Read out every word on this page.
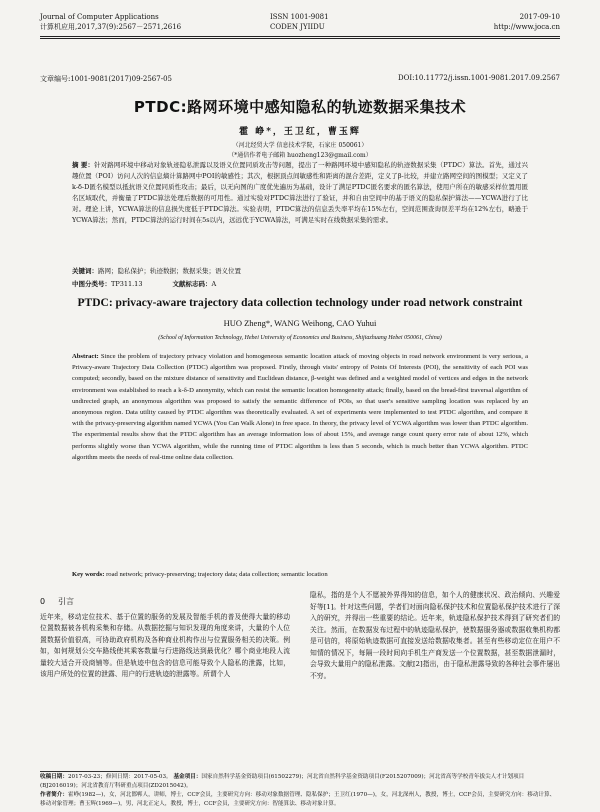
Journal of Computer Applications
计算机应用,2017,37(9):2567－2571,2616
ISSN 1001-9081
CODEN JYIIDU
2017-09-10
http://www.joca.cn
文章编号:1001-9081(2017)09-2567-05	DOI:10.11772/j.issn.1001-9081.2017.09.2567
PTDC:路网环境中感知隐私的轨迹数据采集技术
霍 峥*，王卫红，曹玉辉
（河北经贸大学 信息技术学院，石家庄 050061）
（*通信作者电子邮箱 huozheng123@gmail.com）
摘 要：针对路网环境中移动对象轨迹隐私泄露以及语义位置同质攻击等问题，提出了一种路网环境中感知隐私的轨迹数据采集（PTDC）算法。首先，通过兴趣位置（POI）访问人次的信息熵计算路网中POI的敏感性；其次，根据顶点间敏感性和距离的混合差距，定义了β-比较，并建立路网空间的图模型；又定义了k-δ-D匿名模型以抵抗语义位置同质性攻击；最后，以无向图的广度优先遍历为基础，设计了满足PTDC匿名要求的匿名算法，使用户所在的敏感采样位置用匿名区域取代，并衡量了PTDC算法处理后数据的可用性。通过实验对PTDC算法进行了验证，并和自由空间中的基于语义的隐私保护算法——YCWA进行了比对。理论上讲，YCWA算法的信息损失度低于PTDC算法。实验表明，PTDC算法的信息丢失率平均在15%左右，空间范围查询误差平均在12%左右，略逊于YCWA算法；然而，PTDC算法的运行时间在5s以内，远远优于YCWA算法，可满足实时在线数据采集的需求。
关键词：路网；隐私保护；轨迹数据；数据采集；语义位置
中图分类号：TP311.13	文献标志码：A
PTDC: privacy-aware trajectory data collection technology under road network constraint
HUO Zheng*, WANG Weihong, CAO Yuhui
(School of Information Technology, Hebei University of Economics and Business, Shijiazhuang Hebei 050061, China)
Abstract: Since the problem of trajectory privacy violation and homogeneous semantic location attack of moving objects in road network environment is very serious, a Privacy-aware Trajectory Data Collection (PTDC) algorithm was proposed. Firstly, through visits' entropy of Points Of Interests (POI), the sensitivity of each POI was computed; secondly, based on the mixture distance of sensitivity and Euclidean distance, β-weight was defined and a weighted model of vertices and edges in the network environment was established to reach a k-δ-D anonymity, which can resist the semantic location homogeneity attack; finally, based on the bread-first traversal algorithm of undirected graph, an anonymous algorithm was proposed to satisfy the semantic difference of POIs, so that user's sensitive sampling location was replaced by an anonymous region. Data utility caused by PTDC algorithm was theoretically evaluated. A set of experiments were implemented to test PTDC algorithm, and compare it with the privacy-preserving algorithm named YCWA (You Can Walk Alone) in free space. In theory, the privacy level of YCWA algorithm was lower than PTDC algorithm. The experimental results show that the PTDC algorithm has an average information loss of about 15%, and average range count query error rate of about 12%, which performs slightly worse than YCWA algorithm, while the running time of PTDC algorithm is less than 5 seconds, which is much better than YCWA algorithm. PTDC algorithm meets the needs of real-time online data collection.
Key words: road network; privacy-preserving; trajectory data; data collection; semantic location
0 引言
近年来，移动定位技术、基于位置的服务的发展及智能手机的普及使得大量的移动位置数据被各机构采集和存储。从数据挖掘与知识发现的角度来讲，大量的个人位置数据价值很高，可协助政府机构及各种商业机构作出与位置服务相关的决策。例如，如何规划公交车路线使其乘客数量与行进路线达到最优化？哪个商业地段人流量较大适合开设商铺等。但是轨迹中包含的信息可能导致个人隐私的泄露，比如，该用户所处的位置的泄露、用户的行进轨迹的泄露等。所谓个人
隐私，指的是个人不愿被外界得知的信息，如个人的健康状况、政治倾向、兴趣爱好等[1]。针对这些问题，学者们对面向隐私保护技术和位置隐私保护技术进行了深入的研究，并得出一些重要的结论。近年来，轨迹隐私保护技术得到了研究者们的关注。然而，在数据发布过程中的轨迹隐私保护，使数据服务器或数据收集机构都是可信的，将原始轨迹数据可直接发送给数据收集者。甚至有些移动定位在用户不知情的情况下，每隔一段时间向手机生产商发送一个位置数据，甚至数据泄漏时，会导致大量用户的隐私泄露。文献[2]指出，由于隐私泄露导致的各种社会事件屡出不穷。
收稿日期：2017-03-23；修回日期：2017-05-03。 基金项目：国家自然科学基金资助项目(61502279)；河北省自然科学基金资助项目(F2015207009)；河北省高等学校青年拔尖人才计划项目(BJ2016019)；河北省教育厅科研重点项目(ZD2015042)。
作者简介：霍峥(1982—)，女，河北邯郸人，讲师，博士，CCF会员，主要研究方向：移动对象数据管理、隐私保护；王卫红(1970—)，女，河北深州人，教授，博士，CCF会员，主要研究方向：移动计算、移动对象管理；曹玉辉(1969—)，男，河北正定人，教授，博士，CCF会员，主要研究方向：智能算法、移动对象计算。
